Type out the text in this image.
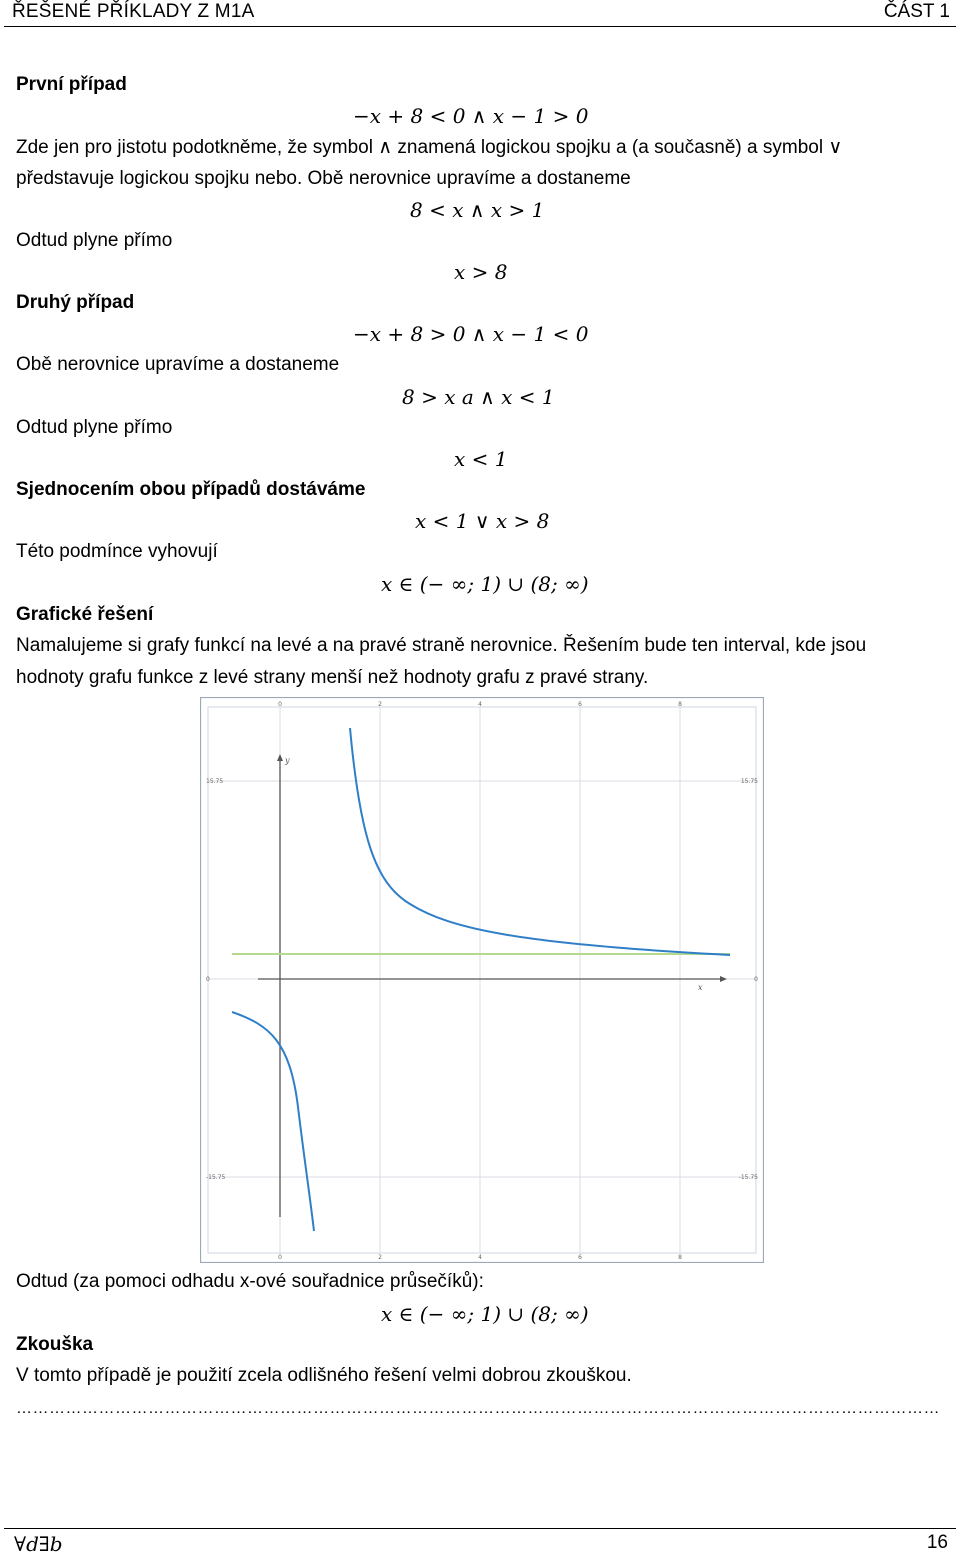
ŘEŠENÉ PŘÍKLADY Z M1A	ČÁST 1
První případ
−x + 8 < 0 ∧ x − 1 > 0
Zde jen pro jistotu podotkněme, že symbol ∧ znamená logickou spojku a (a současně) a symbol ∨
představuje logickou spojku nebo. Obě nerovnice upravíme a dostaneme
8 < x ∧ x > 1
Odtud plyne přímo
x > 8
Druhý případ
−x + 8 > 0 ∧ x − 1 < 0
Obě nerovnice upravíme a dostaneme
8 > x a ∧ x < 1
Odtud plyne přímo
x < 1
Sjednocením obou případů dostáváme
x < 1 ∨ x > 8
Této podmínce vyhovují
x ∈ (− ∞; 1) ∪ (8; ∞)
Grafické řešení
Namalujeme si grafy funkcí na levé a na pravé straně nerovnice. Řešením bude ten interval, kde jsou
hodnoty grafu funkce z levé strany menší než hodnoty grafu z pravé strany.
0	2	4	6	8
0	2	4	6	8
15.75
0
-15.75
15.75
0
-15.75
y
x
Odtud (za pomoci odhadu x-ové souřadnice průsečíků):
x ∈ (− ∞; 1) ∪ (8; ∞)
Zkouška
V tomto případě je použití zcela odlišného řešení velmi dobrou zkouškou.
……………………………………………………………………………………………………………………………………………………
∀d∃b	16
